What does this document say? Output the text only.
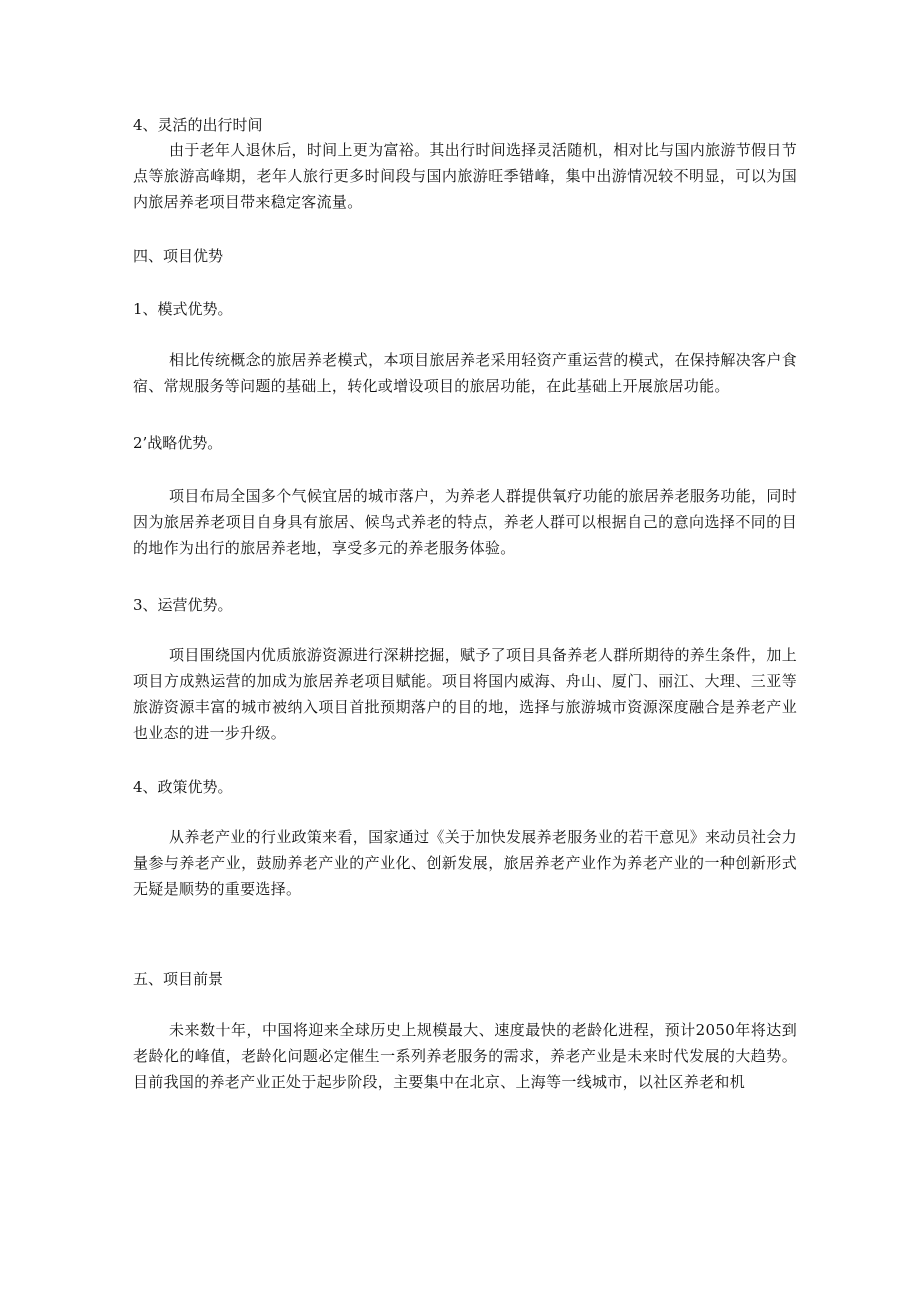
4、灵活的出行时间
由于老年人退休后，时间上更为富裕。其出行时间选择灵活随机，相对比与国内旅游节假日节点等旅游高峰期，老年人旅行更多时间段与国内旅游旺季错峰，集中出游情况较不明显，可以为国内旅居养老项目带来稳定客流量。
四、项目优势
1、模式优势。
相比传统概念的旅居养老模式，本项目旅居养老采用轻资产重运营的模式，在保持解决客户食宿、常规服务等问题的基础上，转化或增设项目的旅居功能，在此基础上开展旅居功能。
2’战略优势。
项目布局全国多个气候宜居的城市落户，为养老人群提供氧疗功能的旅居养老服务功能，同时因为旅居养老项目自身具有旅居、候鸟式养老的特点，养老人群可以根据自己的意向选择不同的目的地作为出行的旅居养老地，享受多元的养老服务体验。
3、运营优势。
项目围绕国内优质旅游资源进行深耕挖掘，赋予了项目具备养老人群所期待的养生条件，加上项目方成熟运营的加成为旅居养老项目赋能。项目将国内威海、舟山、厦门、丽江、大理、三亚等旅游资源丰富的城市被纳入项目首批预期落户的目的地，选择与旅游城市资源深度融合是养老产业也业态的进一步升级。
4、政策优势。
从养老产业的行业政策来看，国家通过《关于加快发展养老服务业的若干意见》来动员社会力量参与养老产业，鼓励养老产业的产业化、创新发展，旅居养老产业作为养老产业的一种创新形式无疑是顺势的重要选择。
五、项目前景
未来数十年，中国将迎来全球历史上规模最大、速度最快的老龄化进程，预计2050年将达到老龄化的峰值，老龄化问题必定催生一系列养老服务的需求，养老产业是未来时代发展的大趋势。目前我国的养老产业正处于起步阶段，主要集中在北京、上海等一线城市，以社区养老和机
